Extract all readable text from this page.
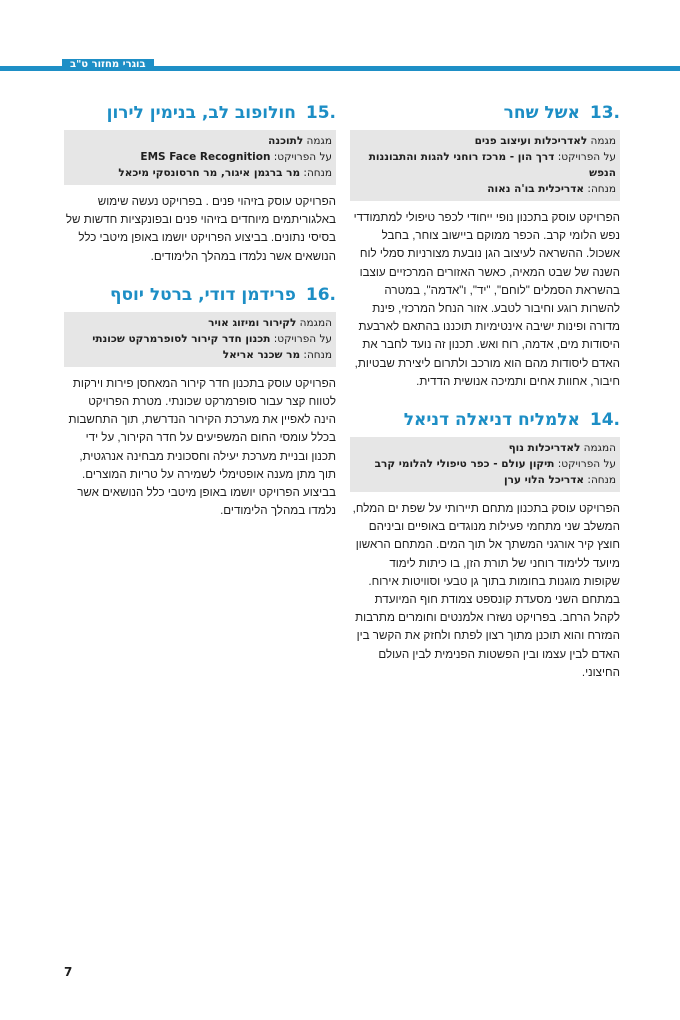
בוגרי מחזור ט"ב
.13 אשל שחר
מגמה לאדריכלות ועיצוב פנים
על הפרויקט: דרך הון - מרכז רוחני להגות והתבוננות הנפש
מנחה: אדריכלית בו'ה נאוה
הפרויקט עוסק בתכנון נופי ייחודי לכפר טיפולי למתמודדי נפש הלומי קרב. הכפר ממוקם ביישוב צוחר, בחבל אשכול. ההשראה לעיצוב הגן נובעת מצורניות סמלי לוח השנה של שבט המאיה, כאשר האזורים המרכזיים עוצבו בהשראת הסמלים "לוחם", "יד", ו"אדמה", במטרה להשרות רוגע וחיבור לטבע. אזור הנחל המרכזי, פינת מדורה ופינות ישיבה אינטימיות תוכננו בהתאם לארבעת היסודות מים, אדמה, רוח ואש. תכנון זה נועד לחבר את האדם ליסודות מהם הוא מורכב ולתרום ליצירת שבטיות, חיבור, אחוות אחים ותמיכה אנושית הדדית.
.14 אלמליח דניאלה דניאל
המגמה לאדריכלות נוף
על הפרויקט: תיקון עולם - כפר טיפולי להלומי קרב
מנחה: אדריכל הלוי ערן
הפרויקט עוסק בתכנון מתחם תיירותי על שפת ים המלח, המשלב שני מתחמי פעילות מנוגדים באופיים וביניהם חוצץ קיר אורגני המשתך אל תוך המים. המתחם הראשון מיועד ללימוד רוחני של תורת הזן, בו כיתות לימוד שקופות מוגנות בחומות בתוך גן טבעי וסוויטות אירוח. במתחם השני מסעדת קונספט צמודת חוף המיועדת לקהל הרחב. בפרויקט נשזרו אלמנטים וחומרים מתרבות המזרח והוא תוכנן מתוך רצון לפתח ולחזק את הקשר בין האדם לבין עצמו ובין הפשטות הפנימית לבין העולם החיצוני.
.15 חולופוב לב, בנימין לירון
מגמה לתוכנה
על הפרויקט: EMS Face Recognition
מנחה: מר ברגמן איגור, מר חרסונסקי מיכאל
הפרויקט עוסק בזיהוי פנים . בפרויקט נעשה שימוש באלגוריתמים מיוחדים בזיהוי פנים ובפונקציות חדשות של בסיסי נתונים. בביצוע הפרויקט יושמו באופן מיטבי כלל הנושאים אשר נלמדו במהלך הלימודים.
.16 פרידמן דודי, ברטל יוסף
המגמה לקירור ומיזוג אויר
על הפרויקט: תכנון חדר קירור לסופרמרקט שכונתי
מנחה: מר שכנר אריאל
הפרויקט עוסק בתכנון חדר קירור המאחסן פירות וירקות לטווח קצר עבור סופרמרקט שכונתי. מטרת הפרויקט הינה לאפיין את מערכת הקירור הנדרשת, תוך התחשבות בכלל עומסי החום המשפיעים על חדר הקירור, על ידי תכנון ובניית מערכת יעילה וחסכונית מבחינה אנרגטית, תוך מתן מענה אופטימלי לשמירה על טריות המוצרים. בביצוע הפרויקט יושמו באופן מיטבי כלל הנושאים אשר נלמדו במהלך הלימודים.
7
